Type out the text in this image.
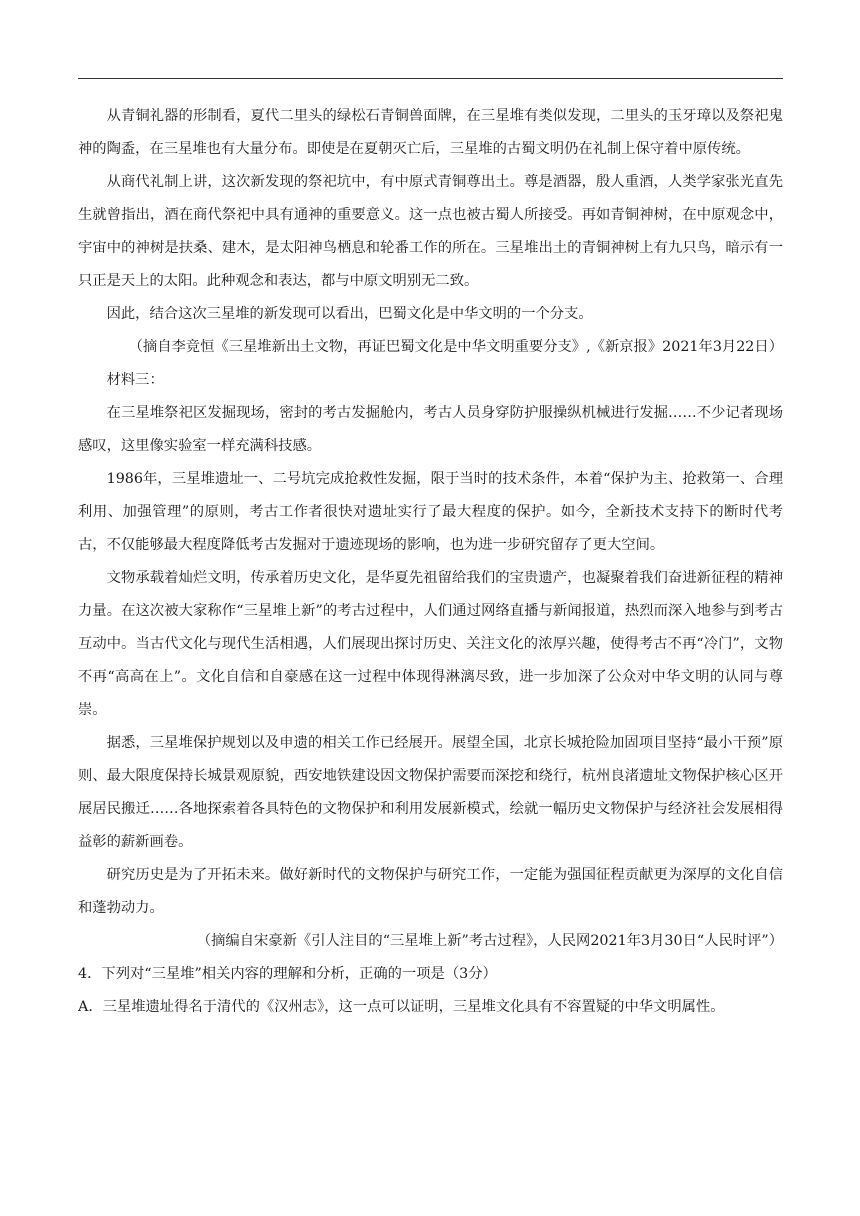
从青铜礼器的形制看，夏代二里头的绿松石青铜兽面牌，在三星堆有类似发现，二里头的玉牙璋以及祭祀鬼神的陶盉，在三星堆也有大量分布。即使是在夏朝灭亡后，三星堆的古蜀文明仍在礼制上保守着中原传统。

从商代礼制上讲，这次新发现的祭祀坑中，有中原式青铜尊出土。尊是酒器，殷人重酒，人类学家张光直先生就曾指出，酒在商代祭祀中具有通神的重要意义。这一点也被古蜀人所接受。再如青铜神树，在中原观念中，宇宙中的神树是扶桑、建木，是太阳神鸟栖息和轮番工作的所在。三星堆出土的青铜神树上有九只鸟，暗示有一只正是天上的太阳。此种观念和表达，都与中原文明别无二致。

因此，结合这次三星堆的新发现可以看出，巴蜀文化是中华文明的一个分支。

（摘自李竞恒《三星堆新出土文物，再证巴蜀文化是中华文明重要分支》,《新京报》2021年3月22日）

材料三：

在三星堆祭祀区发掘现场，密封的考古发掘舱内，考古人员身穿防护服操纵机械进行发掘……不少记者现场感叹，这里像实验室一样充满科技感。

1986年，三星堆遗址一、二号坑完成抢救性发掘，限于当时的技术条件，本着“保护为主、抢救第一、合理利用、加强管理”的原则，考古工作者很快对遗址实行了最大程度的保护。如今，全新技术支持下的断时代考古，不仅能够最大程度降低考古发掘对于遗迹现场的影响，也为进一步研究留存了更大空间。

文物承载着灿烂文明，传承着历史文化，是华夏先祖留给我们的宝贵遗产，也凝聚着我们奋进新征程的精神力量。在这次被大家称作“三星堆上新”的考古过程中，人们通过网络直播与新闻报道，热烈而深入地参与到考古互动中。当古代文化与现代生活相遇，人们展现出探讨历史、关注文化的浓厚兴趣，使得考古不再“冷门”，文物不再“高高在上”。文化自信和自豪感在这一过程中体现得淋漓尽致，进一步加深了公众对中华文明的认同与尊崇。

据悉，三星堆保护规划以及申遗的相关工作已经展开。展望全国，北京长城抢险加固项目坚持“最小干预”原则、最大限度保持长城景观原貌，西安地铁建设因文物保护需要而深挖和绕行，杭州良渚遗址文物保护核心区开展居民搬迁……各地探索着各具特色的文物保护和利用发展新模式，绘就一幅历史文物保护与经济社会发展相得益彰的薪新画卷。

研究历史是为了开拓未来。做好新时代的文物保护与研究工作，一定能为强国征程贡献更为深厚的文化自信和蓬勃动力。

（摘编自宋豪新《引人注目的“三星堆上新”考古过程》，人民网2021年3月30日“人民时评”）

4．下列对“三星堆”相关内容的理解和分析，正确的一项是（3分）

A．三星堆遗址得名于清代的《汉州志》，这一点可以证明，三星堆文化具有不容置疑的中华文明属性。
